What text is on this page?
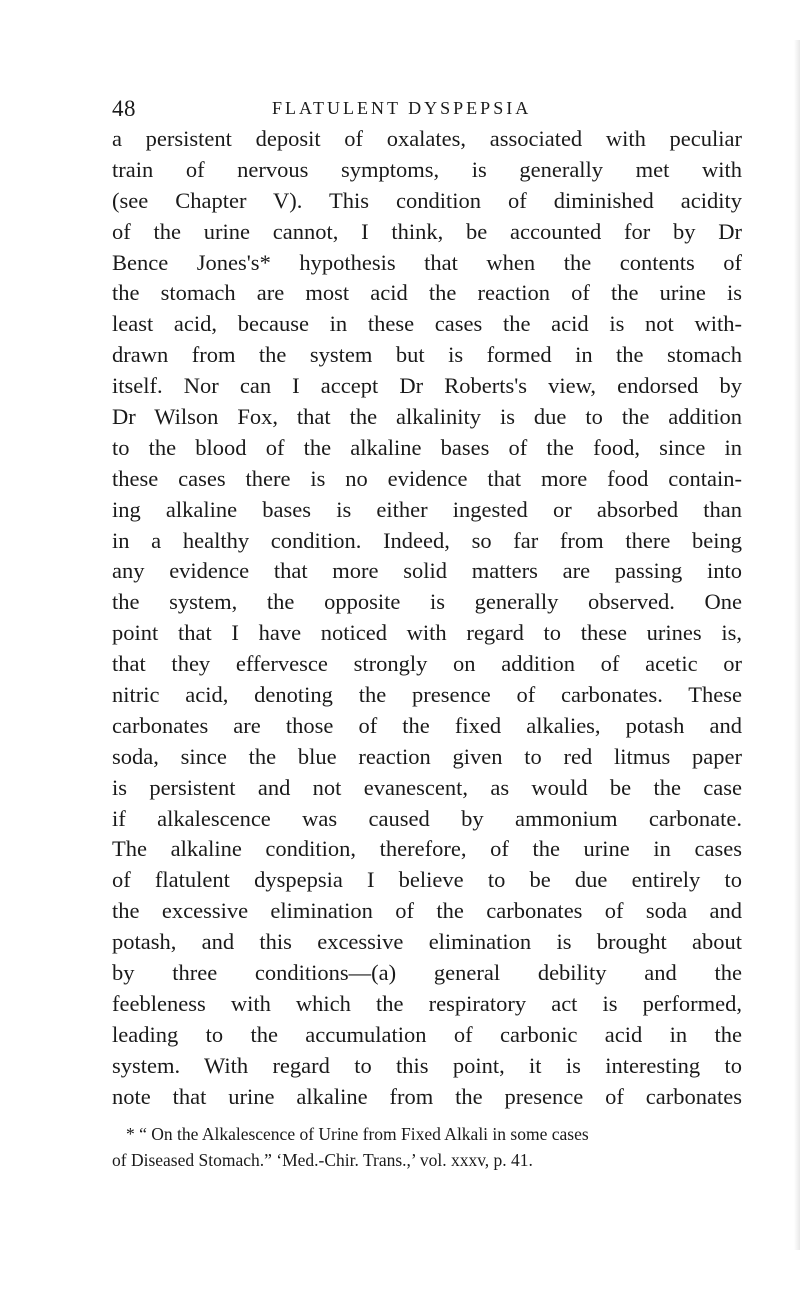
48	FLATULENT DYSPEPSIA
a persistent deposit of oxalates, associated with peculiar
train of nervous symptoms, is generally met with
(see Chapter V). This condition of diminished acidity
of the urine cannot, I think, be accounted for by Dr
Bence Jones's* hypothesis that when the contents of
the stomach are most acid the reaction of the urine is
least acid, because in these cases the acid is not with-
drawn from the system but is formed in the stomach
itself. Nor can I accept Dr Roberts's view, endorsed by
Dr Wilson Fox, that the alkalinity is due to the addition
to the blood of the alkaline bases of the food, since in
these cases there is no evidence that more food contain-
ing alkaline bases is either ingested or absorbed than
in a healthy condition. Indeed, so far from there being
any evidence that more solid matters are passing into
the system, the opposite is generally observed. One
point that I have noticed with regard to these urines is,
that they effervesce strongly on addition of acetic or
nitric acid, denoting the presence of carbonates. These
carbonates are those of the fixed alkalies, potash and
soda, since the blue reaction given to red litmus paper
is persistent and not evanescent, as would be the case
if alkalescence was caused by ammonium carbonate.
The alkaline condition, therefore, of the urine in cases
of flatulent dyspepsia I believe to be due entirely to
the excessive elimination of the carbonates of soda and
potash, and this excessive elimination is brought about
by three conditions—(a) general debility and the
feebleness with which the respiratory act is performed,
leading to the accumulation of carbonic acid in the
system. With regard to this point, it is interesting to
note that urine alkaline from the presence of carbonates
* “ On the Alkalescence of Urine from Fixed Alkali in some cases
of Diseased Stomach.” ‘Med.-Chir. Trans.,’ vol. xxxv, p. 41.
